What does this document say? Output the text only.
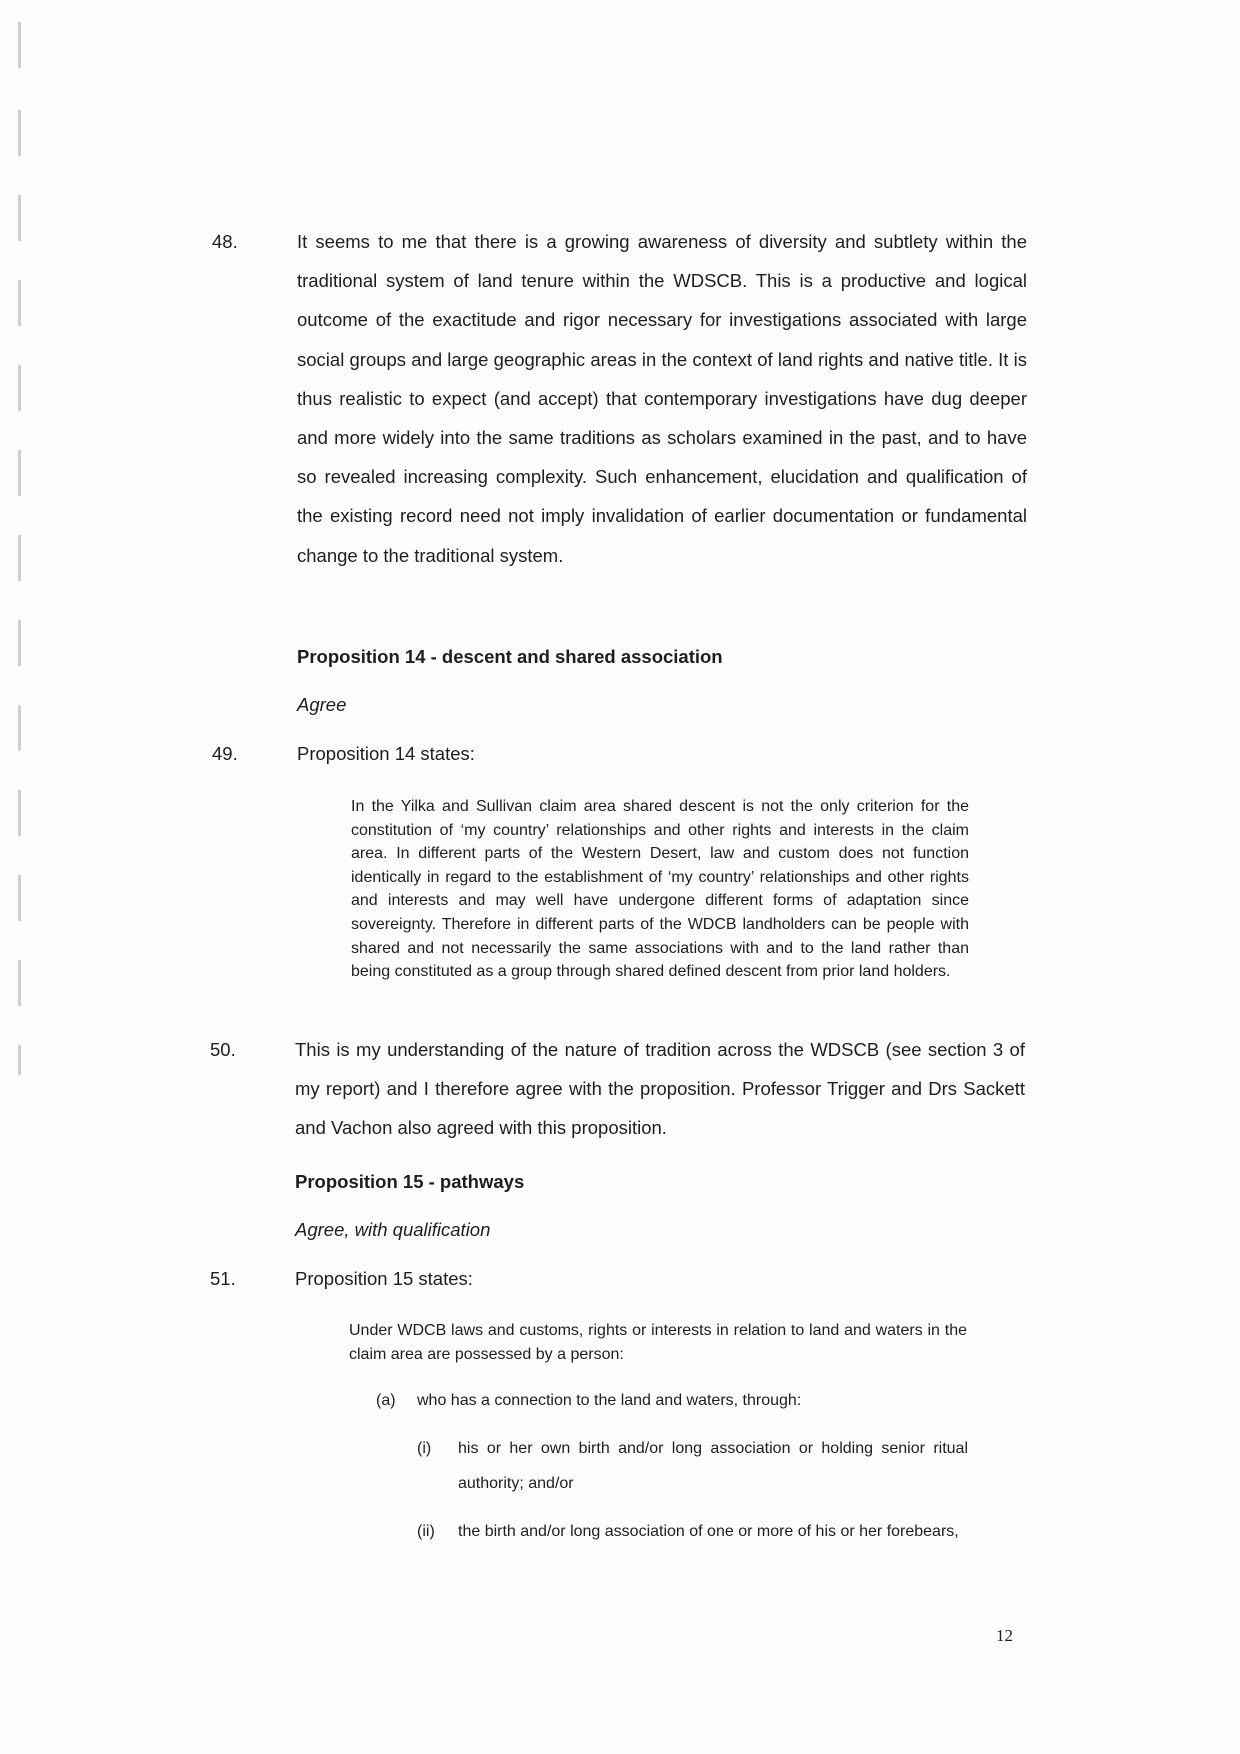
48.	It seems to me that there is a growing awareness of diversity and subtlety within the traditional system of land tenure within the WDSCB. This is a productive and logical outcome of the exactitude and rigor necessary for investigations associated with large social groups and large geographic areas in the context of land rights and native title. It is thus realistic to expect (and accept) that contemporary investigations have dug deeper and more widely into the same traditions as scholars examined in the past, and to have so revealed increasing complexity. Such enhancement, elucidation and qualification of the existing record need not imply invalidation of earlier documentation or fundamental change to the traditional system.
Proposition 14 - descent and shared association
Agree
49.	Proposition 14 states:
In the Yilka and Sullivan claim area shared descent is not the only criterion for the constitution of ‘my country’ relationships and other rights and interests in the claim area. In different parts of the Western Desert, law and custom does not function identically in regard to the establishment of ‘my country’ relationships and other rights and interests and may well have undergone different forms of adaptation since sovereignty. Therefore in different parts of the WDCB landholders can be people with shared and not necessarily the same associations with and to the land rather than being constituted as a group through shared defined descent from prior land holders.
50.	This is my understanding of the nature of tradition across the WDSCB (see section 3 of my report) and I therefore agree with the proposition. Professor Trigger and Drs Sackett and Vachon also agreed with this proposition.
Proposition 15 - pathways
Agree, with qualification
51.	Proposition 15 states:
Under WDCB laws and customs, rights or interests in relation to land and waters in the claim area are possessed by a person:
(a) who has a connection to the land and waters, through:
(i) his or her own birth and/or long association or holding senior ritual authority; and/or
(ii) the birth and/or long association of one or more of his or her forebears,
12
